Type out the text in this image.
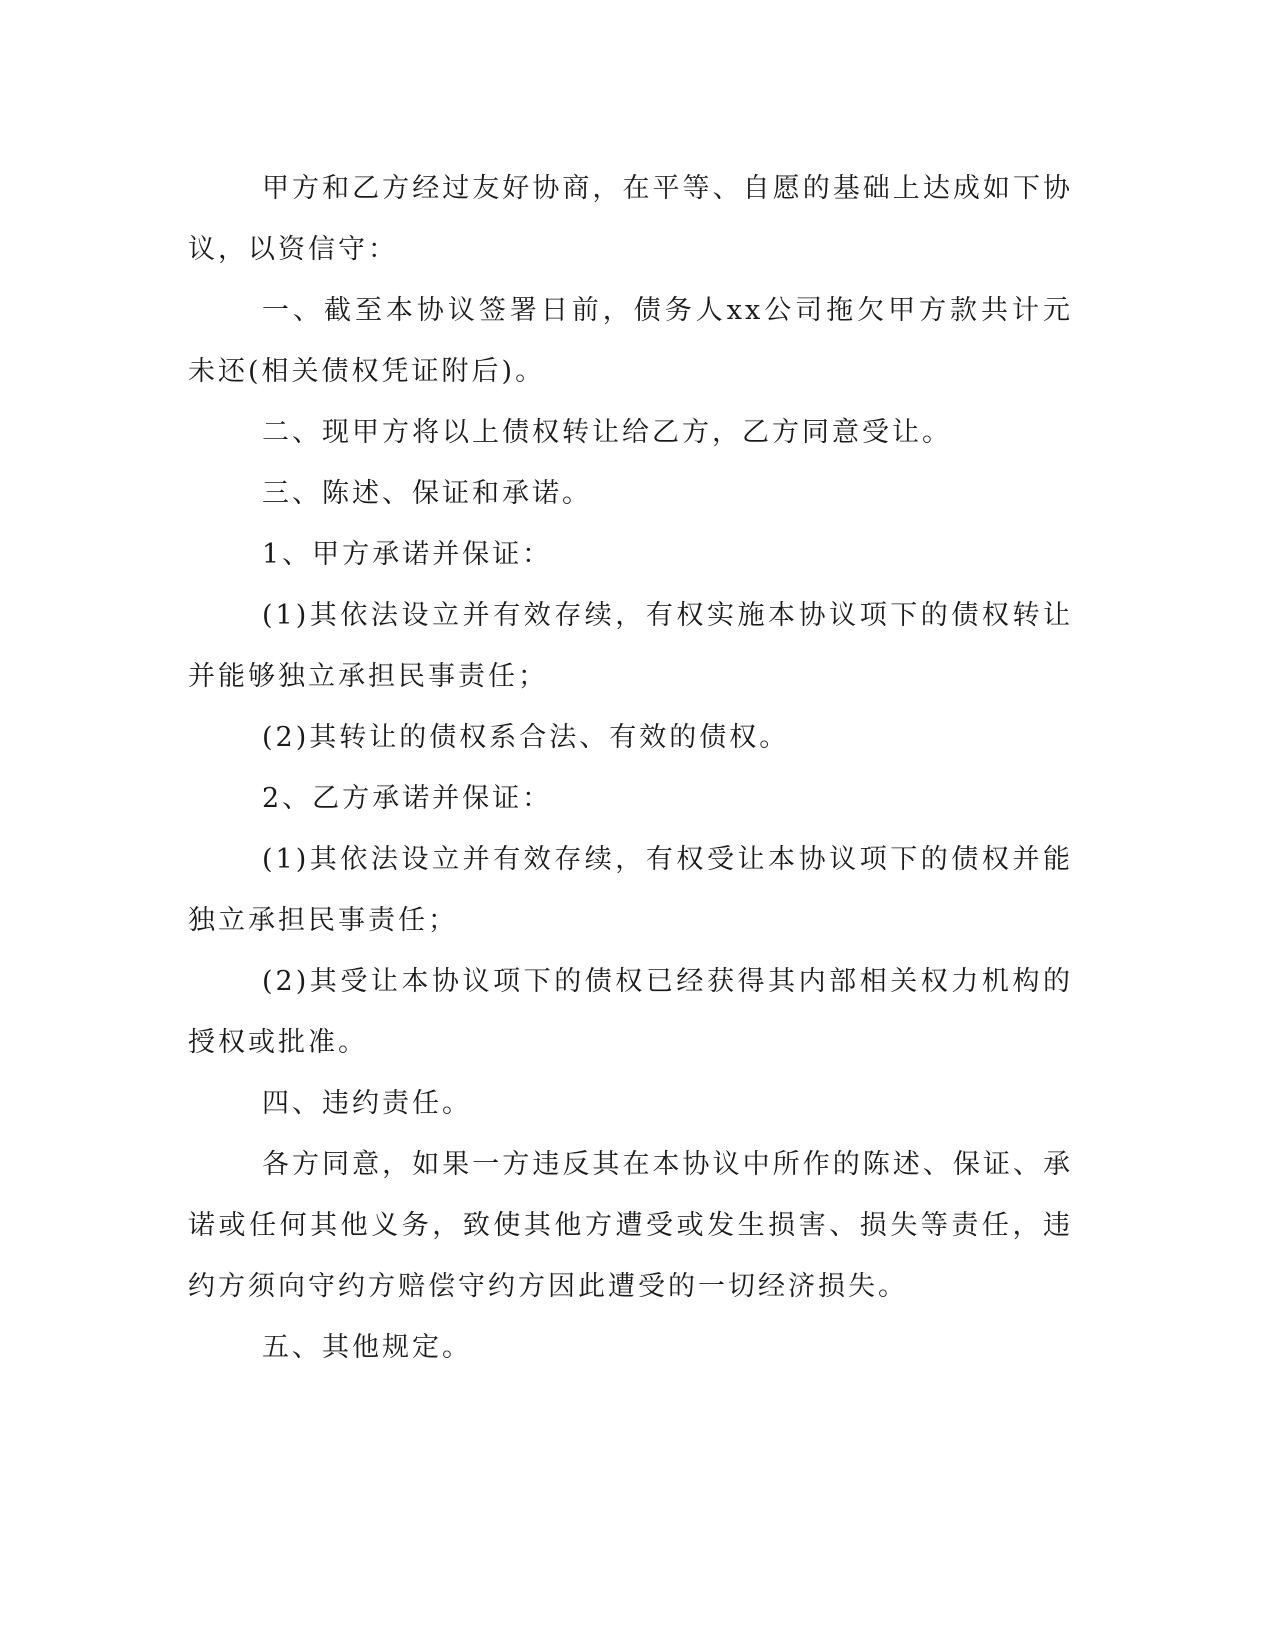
甲方和乙方经过友好协商，在平等、自愿的基础上达成如下协议，以资信守：

一、截至本协议签署日前，债务人xx公司拖欠甲方款共计元未还(相关债权凭证附后)。

二、现甲方将以上债权转让给乙方，乙方同意受让。

三、陈述、保证和承诺。

1、甲方承诺并保证：

(1)其依法设立并有效存续，有权实施本协议项下的债权转让并能够独立承担民事责任；

(2)其转让的债权系合法、有效的债权。

2、乙方承诺并保证：

(1)其依法设立并有效存续，有权受让本协议项下的债权并能独立承担民事责任；

(2)其受让本协议项下的债权已经获得其内部相关权力机构的授权或批准。

四、违约责任。

各方同意，如果一方违反其在本协议中所作的陈述、保证、承诺或任何其他义务，致使其他方遭受或发生损害、损失等责任，违约方须向守约方赔偿守约方因此遭受的一切经济损失。

五、其他规定。
